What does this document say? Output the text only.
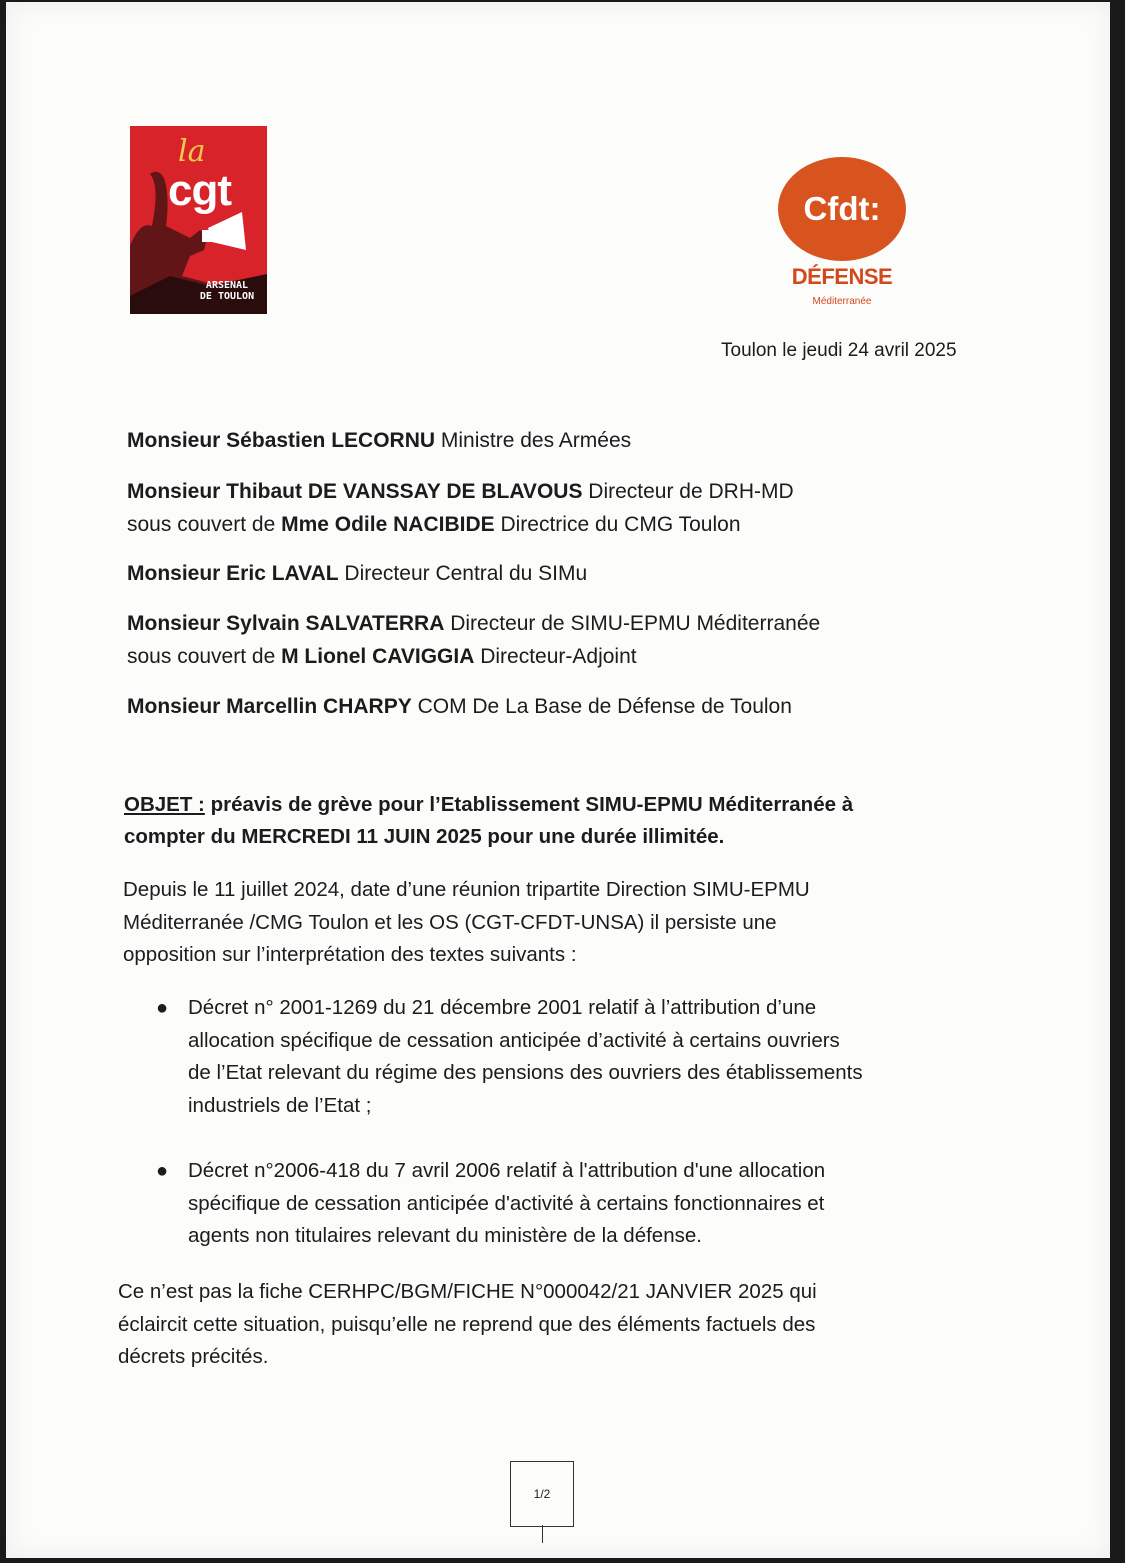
la
cgt
ARSENAL
DE TOULON
Cfdt:
DÉFENSE
Méditerranée
Toulon le jeudi 24 avril 2025
Monsieur Sébastien LECORNU Ministre des Armées
Monsieur Thibaut DE VANSSAY DE BLAVOUS Directeur de DRH-MD
sous couvert de Mme Odile NACIBIDE Directrice du CMG Toulon
Monsieur Eric LAVAL Directeur Central du SIMu
Monsieur Sylvain SALVATERRA Directeur de SIMU-EPMU Méditerranée
sous couvert de M Lionel CAVIGGIA Directeur-Adjoint
Monsieur Marcellin CHARPY COM De La Base de Défense de Toulon
OBJET : préavis de grève pour l’Etablissement SIMU-EPMU Méditerranée à
compter du MERCREDI 11 JUIN 2025 pour une durée illimitée.
Depuis le 11 juillet 2024, date d’une réunion tripartite Direction SIMU-EPMU
Méditerranée /CMG Toulon et les OS (CGT-CFDT-UNSA) il persiste une
opposition sur l’interprétation des textes suivants :
● Décret n° 2001-1269 du 21 décembre 2001 relatif à l’attribution d’une
allocation spécifique de cessation anticipée d’activité à certains ouvriers
de l’Etat relevant du régime des pensions des ouvriers des établissements
industriels de l’Etat ;
● Décret n°2006-418 du 7 avril 2006 relatif à l'attribution d'une allocation
spécifique de cessation anticipée d'activité à certains fonctionnaires et
agents non titulaires relevant du ministère de la défense.
Ce n’est pas la fiche CERHPC/BGM/FICHE N°000042/21 JANVIER 2025 qui
éclaircit cette situation, puisqu’elle ne reprend que des éléments factuels des
décrets précités.
1/2
